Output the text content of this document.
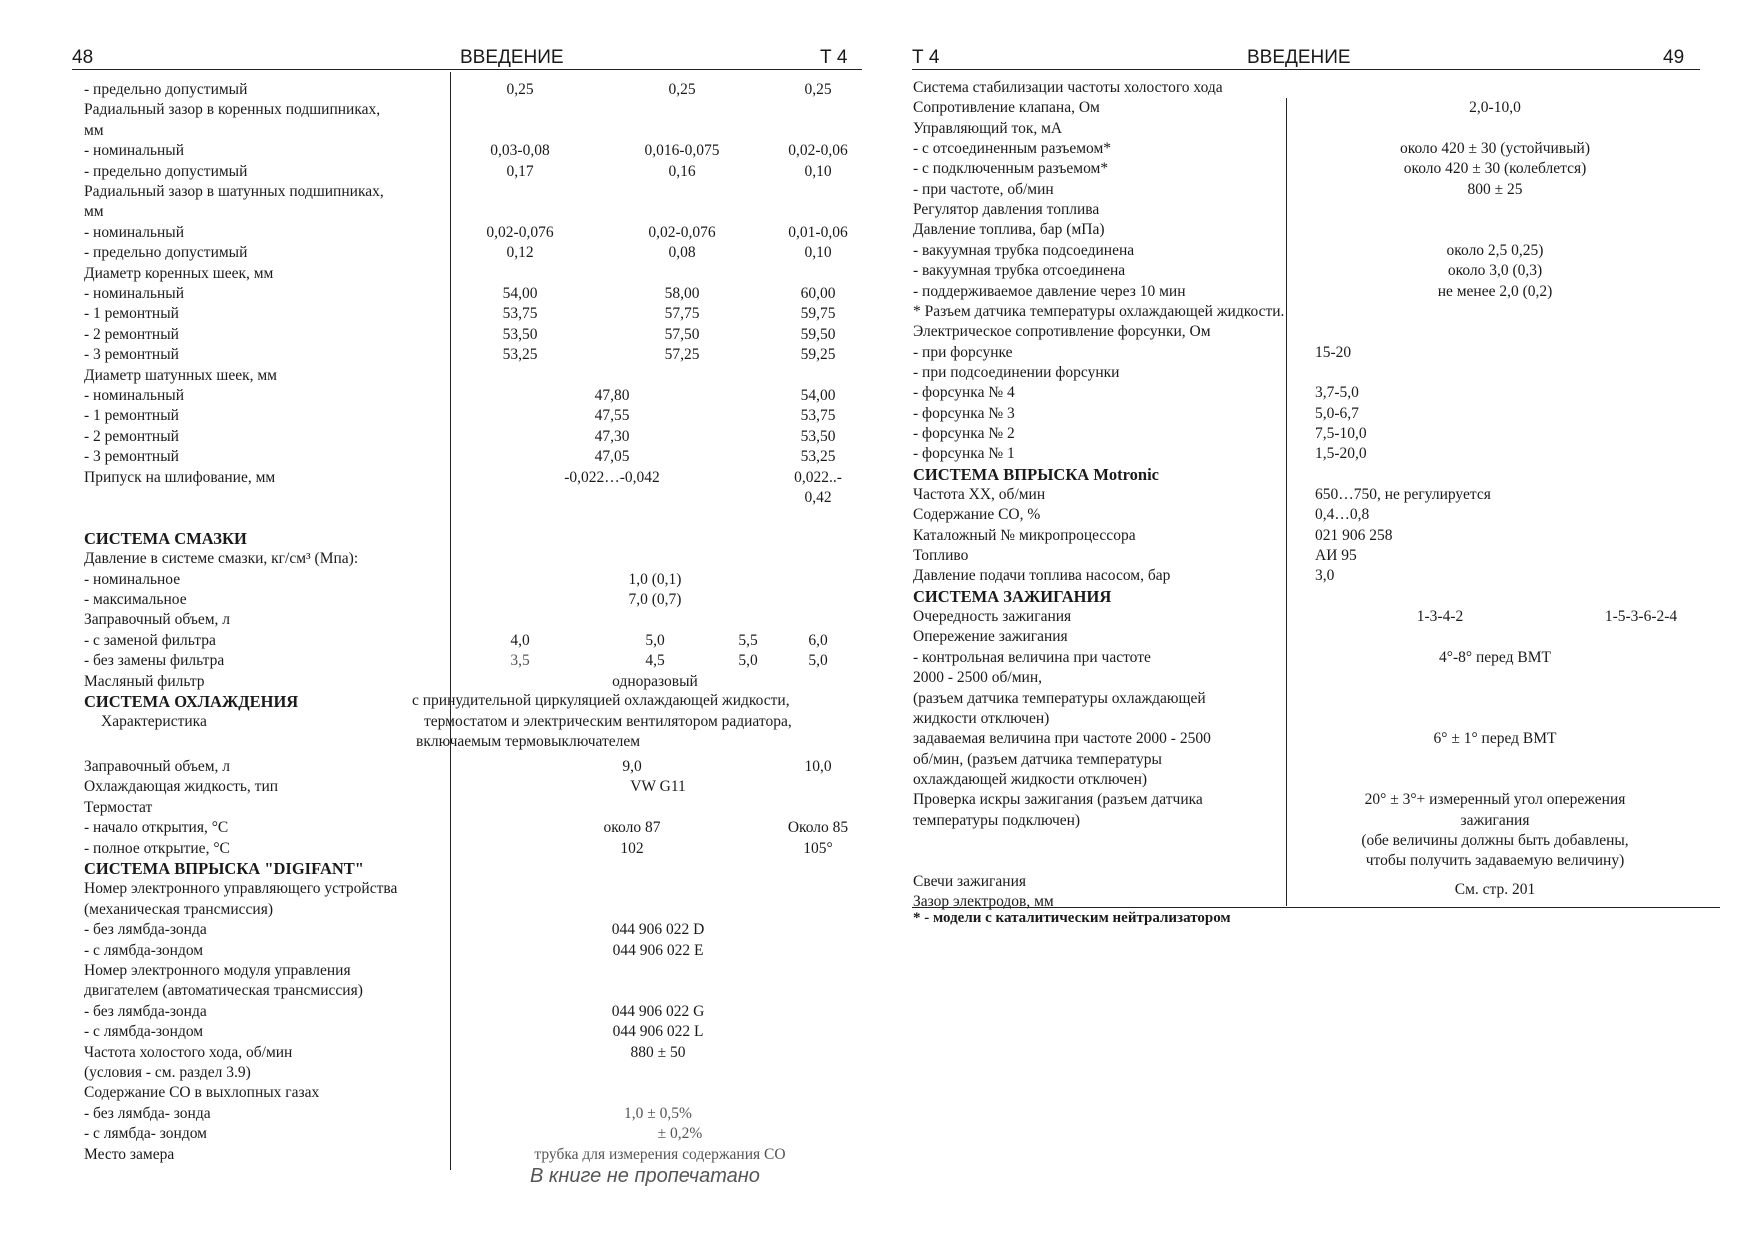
48	ВВЕДЕНИЕ	Т 4
- предельно допустимый	0,25	0,25	0,25
Радиальный зазор в коренных подшипниках,
мм
- номинальный	0,03-0,08	0,016-0,075	0,02-0,06
- предельно допустимый	0,17	0,16	0,10
Радиальный зазор в шатунных подшипниках,
мм
- номинальный	0,02-0,076	0,02-0,076	0,01-0,06
- предельно допустимый	0,12	0,08	0,10
Диаметр коренных шеек, мм
- номинальный	54,00	58,00	60,00
- 1 ремонтный	53,75	57,75	59,75
- 2 ремонтный	53,50	57,50	59,50
- 3 ремонтный	53,25	57,25	59,25
Диаметр шатунных шеек, мм
- номинальный	47,80	54,00
- 1 ремонтный	47,55	53,75
- 2 ремонтный	47,30	53,50
- 3 ремонтный	47,05	53,25
Припуск на шлифование, мм	-0,022…-0,042	0,022..-
0,42
СИСТЕМА СМАЗКИ
Давление в системе смазки, кг/см³ (Мпа):
- номинальное	1,0 (0,1)
- максимальное	7,0 (0,7)
Заправочный объем, л
- с заменой фильтра	4,0	5,0	5,5	6,0
- без замены фильтра	3,5	4,5	5,0	5,0
Масляный фильтр	одноразовый
СИСТЕМА ОХЛАЖДЕНИЯ
Характеристика
с принудительной циркуляцией охлаждающей жидкости,
термостатом и электрическим вентилятором радиатора,
включаемым термовыключателем
Заправочный объем, л	9,0	10,0
Охлаждающая жидкость, тип	VW G11
Термостат
- начало открытия, °С	около 87	Около 85
- полное открытие, °С	102	105°
СИСТЕМА ВПРЫСКА "DIGIFANT"
Номер электронного управляющего устройства
(механическая трансмиссия)
- без лямбда-зонда	044 906 022 D
- с лямбда-зондом	044 906 022 E
Номер электронного модуля управления
двигателем (автоматическая трансмиссия)
- без лямбда-зонда	044 906 022 G
- с лямбда-зондом	044 906 022 L
Частота холостого хода, об/мин	880 ± 50
(условия - см. раздел 3.9)
Содержание СО в выхлопных газах
- без лямбда- зонда	1,0 ± 0,5%
- с лямбда- зондом	± 0,2%
Место замера	трубка для измерения содержания СО
В книге не пропечатано
Т 4	ВВЕДЕНИЕ	49
* - модели с каталитическим нейтрализатором
Система стабилизации частоты холостого хода
Сопротивление клапана, Ом	2,0-10,0
Управляющий ток, мА
- с отсоединенным разъемом*	около 420 ± 30 (устойчивый)
- с подключенным разъемом*	около 420 ± 30 (колеблется)
- при частоте, об/мин	800 ± 25
Регулятор давления топлива
Давление топлива, бар (мПа)
- вакуумная трубка подсоединена	около 2,5 0,25)
- вакуумная трубка отсоединена	около 3,0 (0,3)
- поддерживаемое давление через 10 мин	не менее 2,0 (0,2)
* Разъем датчика температуры охлаждающей жидкости.
Электрическое сопротивление форсунки, Ом
- при форсунке	15-20
- при подсоединении форсунки
- форсунка № 4	3,7-5,0
- форсунка № 3	5,0-6,7
- форсунка № 2	7,5-10,0
- форсунка № 1	1,5-20,0
СИСТЕМА ВПРЫСКА Motronic
Частота ХХ, об/мин	650…750, не регулируется
Содержание СО, %	0,4…0,8
Каталожный № микропроцессора	021 906 258
Топливо	АИ 95
Давление подачи топлива насосом, бар	3,0
СИСТЕМА ЗАЖИГАНИЯ
Очередность зажигания	1-3-4-2	1-5-3-6-2-4
Опережение зажигания
- контрольная величина при частоте	4°-8° перед ВМТ
2000 - 2500 об/мин,
(разъем датчика температуры охлаждающей
жидкости отключен)
задаваемая величина при частоте 2000 - 2500	6° ± 1° перед ВМТ
об/мин, (разъем датчика температуры
охлаждающей жидкости отключен)
Проверка искры зажигания (разъем датчика	20° ± 3°+ измеренный угол опережения
температуры подключен)	зажигания
(обе величины должны быть добавлены,
чтобы получить задаваемую величину)
Свечи зажигания	См. стр. 201
Зазор электродов, мм
